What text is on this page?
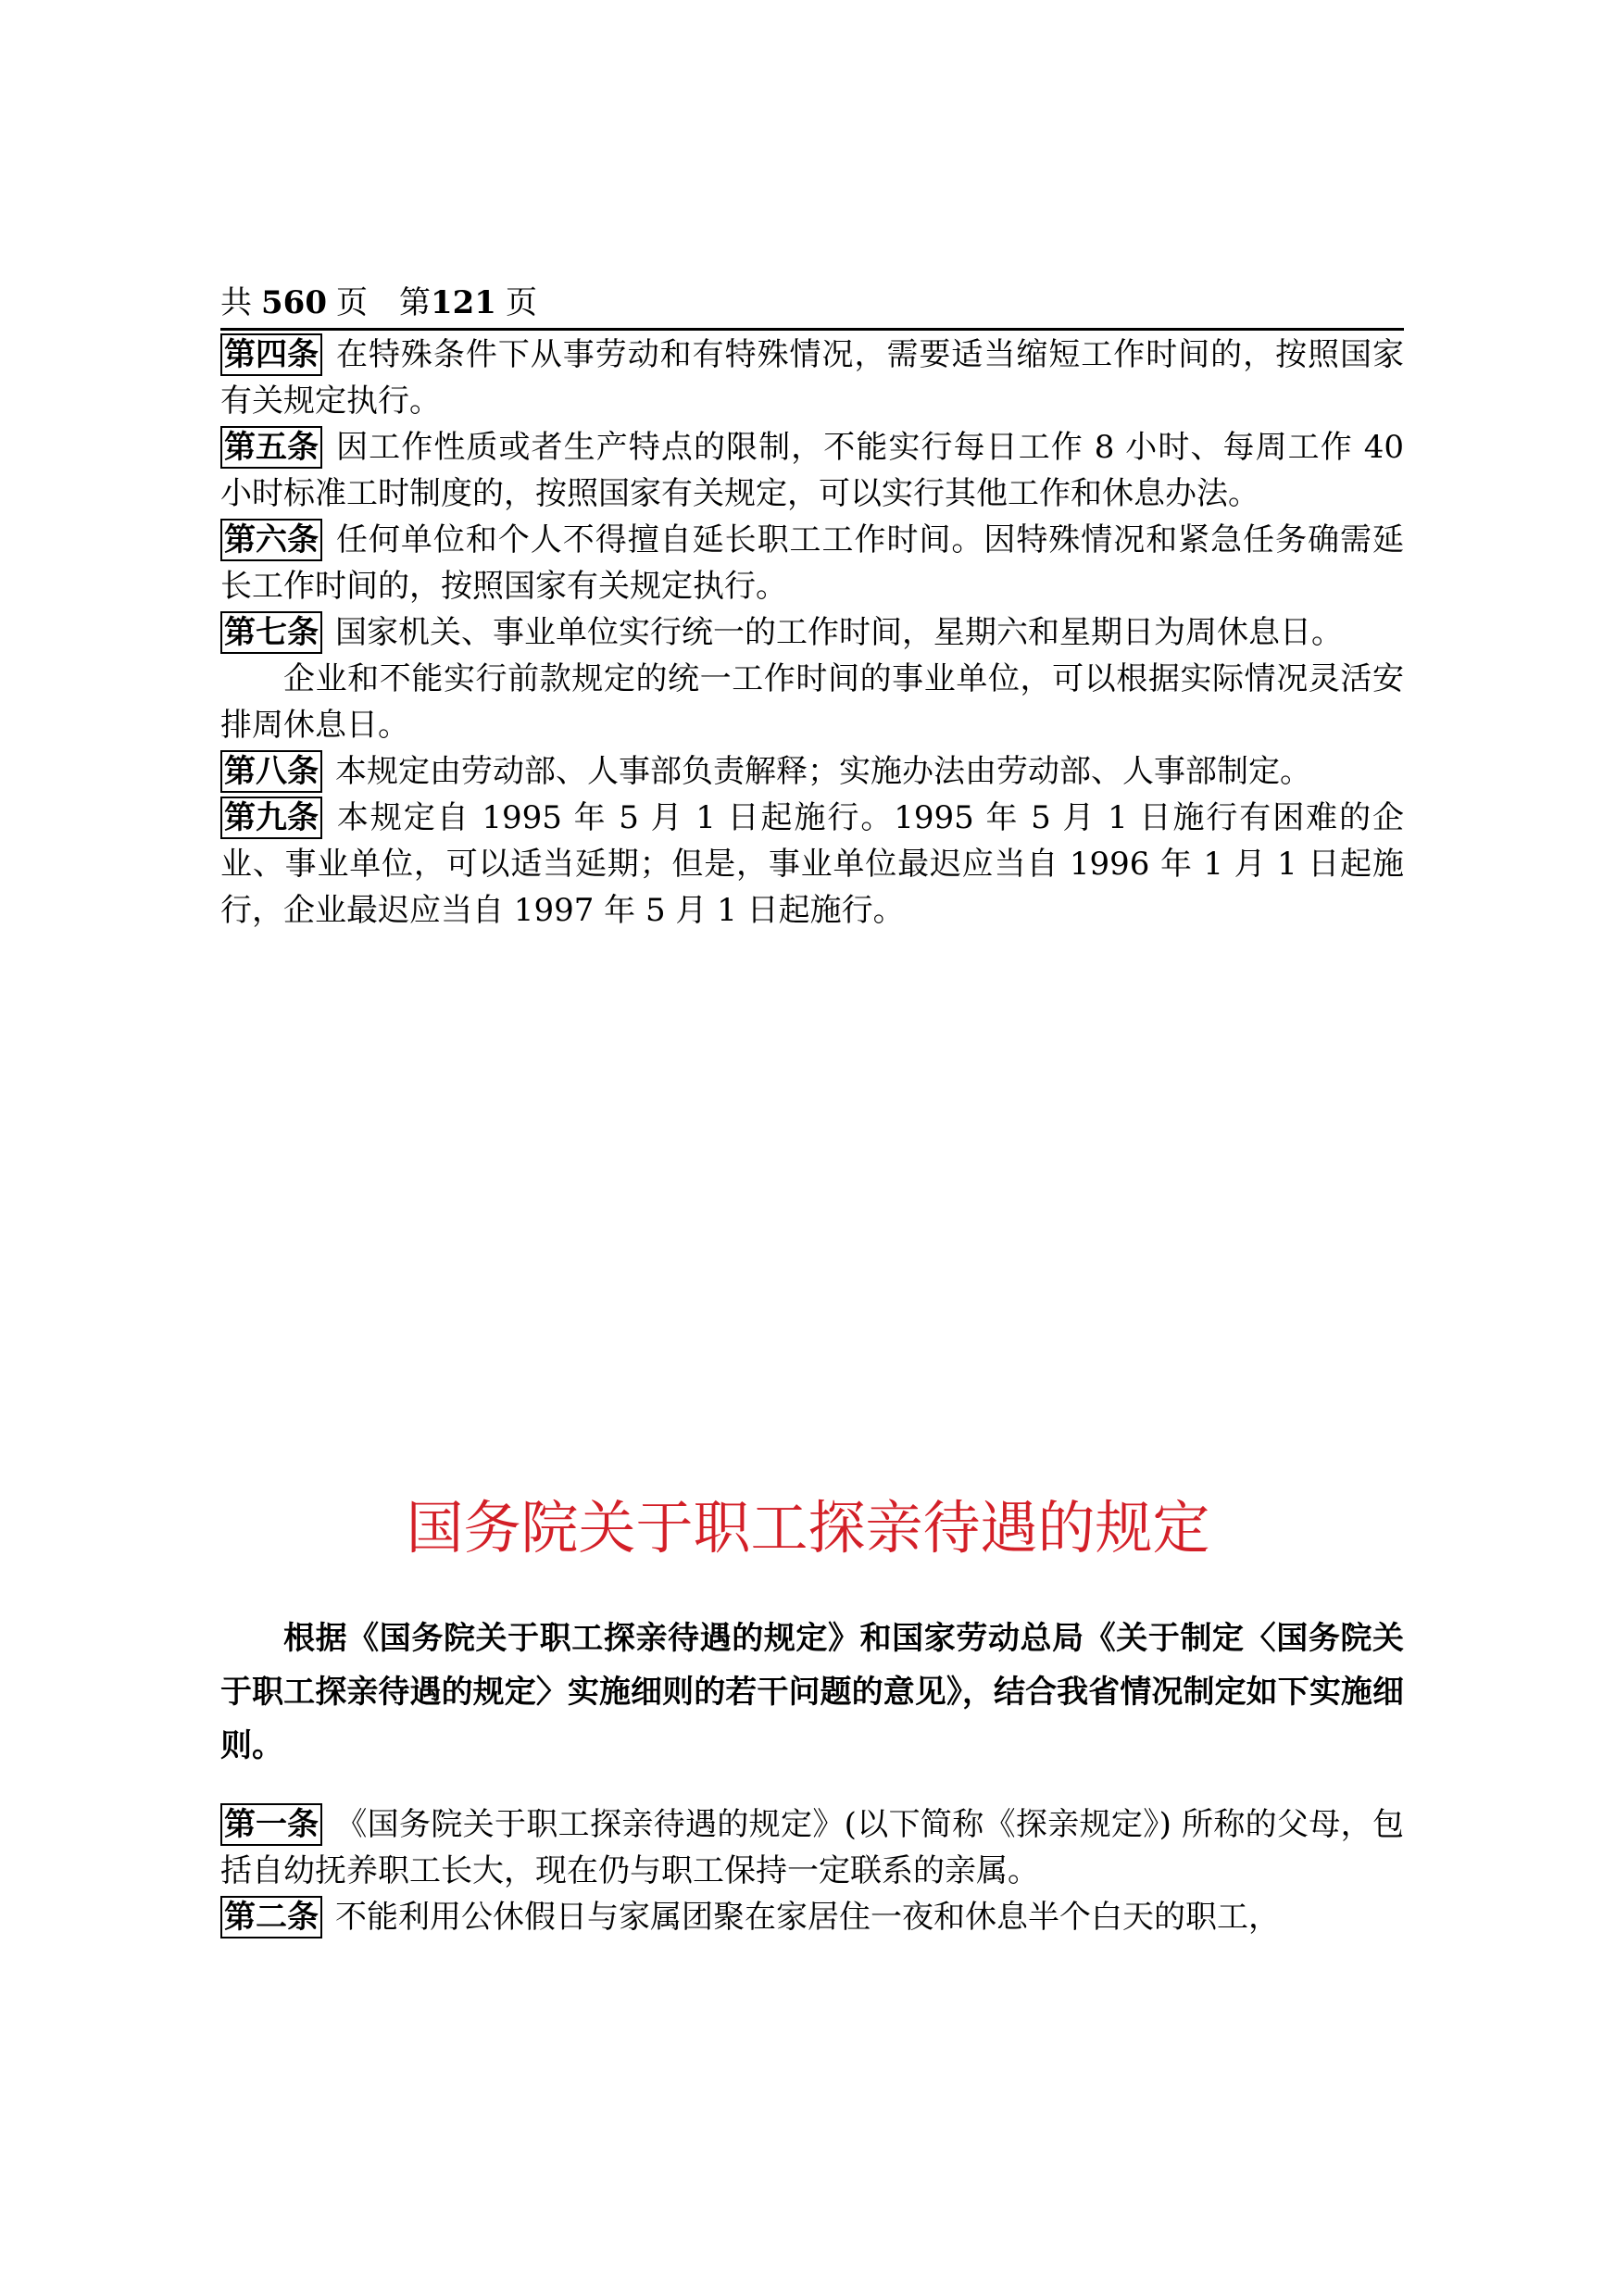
共 560 页 第121 页

第四条 在特殊条件下从事劳动和有特殊情况，需要适当缩短工作时间的，按照国家有关规定执行。

第五条 因工作性质或者生产特点的限制，不能实行每日工作 8 小时、每周工作 40 小时标准工时制度的，按照国家有关规定，可以实行其他工作和休息办法。

第六条 任何单位和个人不得擅自延长职工工作时间。因特殊情况和紧急任务确需延长工作时间的，按照国家有关规定执行。

第七条 国家机关、事业单位实行统一的工作时间，星期六和星期日为周休息日。

企业和不能实行前款规定的统一工作时间的事业单位，可以根据实际情况灵活安排周休息日。

第八条 本规定由劳动部、人事部负责解释；实施办法由劳动部、人事部制定。

第九条 本规定自 1995 年 5 月 1 日起施行。1995 年 5 月 1 日施行有困难的企业、事业单位，可以适当延期；但是，事业单位最迟应当自 1996 年 1 月 1 日起施行，企业最迟应当自 1997 年 5 月 1 日起施行。

国务院关于职工探亲待遇的规定

根据《国务院关于职工探亲待遇的规定》和国家劳动总局《关于制定〈国务院关于职工探亲待遇的规定〉实施细则的若干问题的意见》，结合我省情况制定如下实施细则。

第一条 《国务院关于职工探亲待遇的规定》(以下简称《探亲规定》) 所称的父母，包括自幼抚养职工长大，现在仍与职工保持一定联系的亲属。

第二条 不能利用公休假日与家属团聚在家居住一夜和休息半个白天的职工，
